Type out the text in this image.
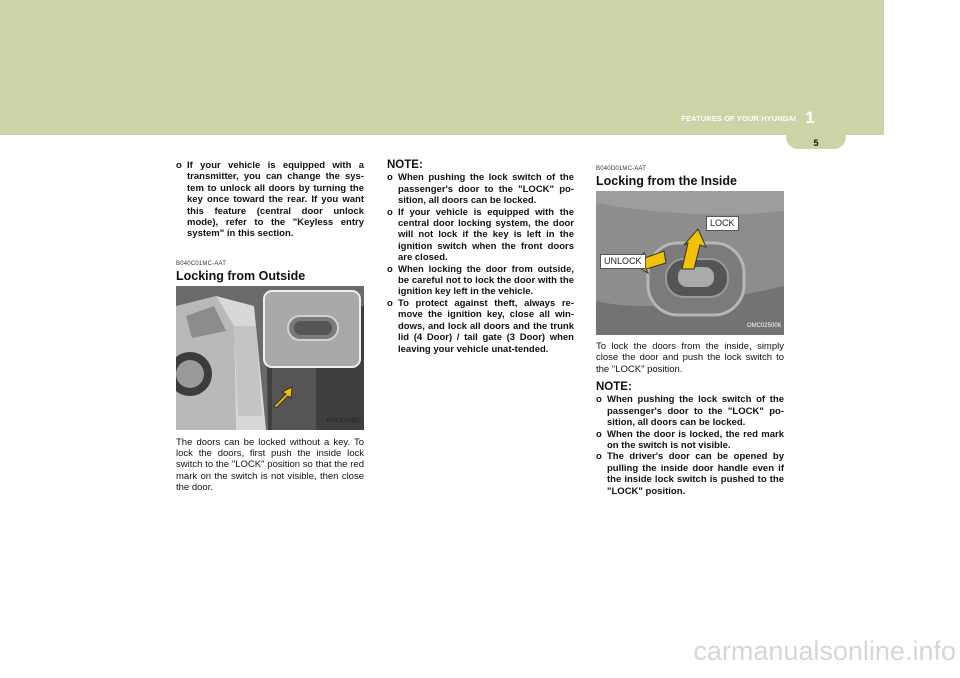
FEATURES OF YOUR HYUNDAI 1
5
o If your vehicle is equipped with a transmitter, you can change the sys-tem to unlock all doors by turning the key once toward the rear. If you want this feature (central door unlock mode), refer to the "Keyless entry system" in this section.
B040C01MC-AAT
Locking from Outside
B040C04MC
The doors can be locked without a key. To lock the doors, first push the inside lock switch to the "LOCK" position so that the red mark on the switch is not visible, then close the door.
NOTE:
o When pushing the lock switch of the passenger's door to the "LOCK" po-sition, all doors can be locked.
o If your vehicle is equipped with the central door locking system, the door will not lock if the key is left in the ignition switch when the front doors are closed.
o When locking the door from outside, be careful not to lock the door with the ignition key left in the vehicle.
o To protect against theft, always re-move the ignition key, close all win-dows, and lock all doors and the trunk lid (4 Door) / tail gate (3 Door) when leaving your vehicle unat-tended.
B040D01MC-AAT
Locking from the Inside
LOCK
UNLOCK
OMC025006
To lock the doors from the inside, simply close the door and push the lock switch to the "LOCK" position.
NOTE:
o When pushing the lock switch of the passenger's door to the "LOCK" po-sition, all doors can be locked.
o When the door is locked, the red mark on the switch is not visible.
o The driver's door can be opened by pulling the inside door handle even if the inside lock switch is pushed to the "LOCK" position.
carmanualsonline.info
